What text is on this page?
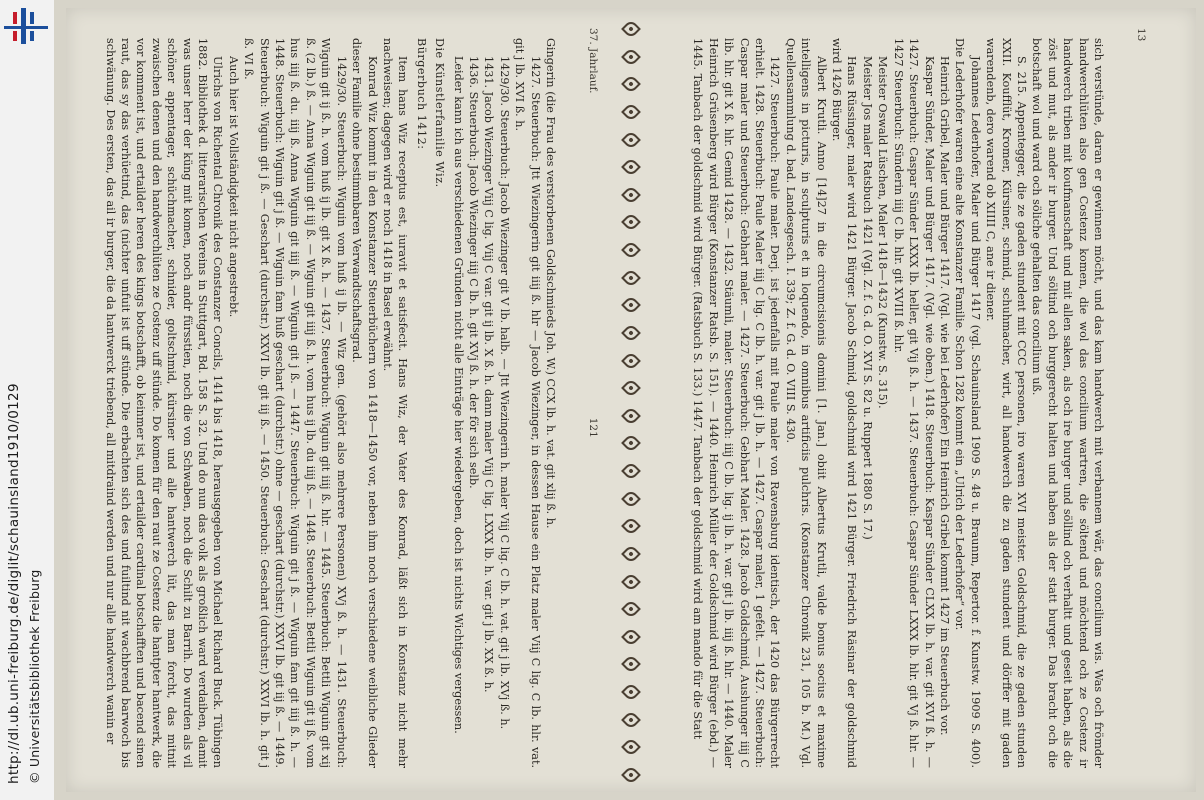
http://dl.ub.uni-freiburg.de/diglit/schauinsland1910/0129 © Universitätsbibliothek Freiburg
37. Jahrlauf.
121

Gingerin (die Frau des verstorbenen Goldschmieds Joh. W.) CCX lb. h. vat. git xlij ß. h.

1427. Steuerbuch: Jtt Wiezingerin git iiij ß. hlr — Jacob Wiezinger, in dessen Hause ein Platz maler Viij C lig. C lb. hlr. vat. git j lb. XVI ß. h.

1429/30. Steuerbuch: Jacob Wiezinger git V lb. halb. — Jtt Wiezingerin h. maler Viij C lig. C lb. h. vat. git j lb. XVj ß. h.

1431. Jacob Wiezinger Viij C lig. Viij C var. git ij lb. X ß. h. dann maler Viij C lig. LXXX lb. h. var. git j lb. XX ß. h.

1436. Steuerbuch: Jacob Wiezinger iiij C lb. h. git XVj ß. h. der för sich selb.

Leider kann ich aus verschiedenen Gründen nicht alle Einträge hier wiedergeben, doch ist nichts Wichtiges vergessen.

Die Künstlerfamilie Wiz.

Bürgerbuch 1412:

Item hans Wiz receptus est, iuravit et satisfecit. Hans Wiz, der Vater des Konrad, läßt sich in Konstanz nicht mehr nachweisen; dagegen wird er noch 1418 in Basel erwähnt.

Konrad Wiz kommt in den Konstanzer Steuerbüchern von 1418—1450 vor, neben ihm noch verschiedene weibliche Glieder dieser Familie ohne bestimmbaren Verwandtschaftsgrad.

1429/30. Steuerbuch: Wiguin vom huß ij lb. — Wiz gen. (gehört also mehrere Personen) XVj ß. h. — 1431. Steuerbuch: Wiguin git ij ß. h. vom huß ij lb. git X ß. h. — 1437. Steuerbuch: Wiguin git iiij ß. hlr. — 1445. Steuerbuch: Bettli Wiguin git xij ß. (2 lb.) ß. — Anna Wiguin git iij ß. — Wiguin git iiij ß. h. vom hus ij lb. du iiij ß. — 1448. Steuerbuch: Bettli Wiguin git ij ß. vom hus iiij ß. du. iiij ß. Anna Wiguin git iiij ß. — Wiguin git j ß. — 1447. Steuerbuch: Wiguin git j ß. — Wiguin fam git iiij ß. h. — 1448. Steuerbuch: Wiguin git j ß. — Wiguin fam huß geschart (durchstr.) ohne — geschart (durchstr.) XXVI lb. git iij ß. — 1449. Steuerbuch: Wiguin git j ß. — Geschart (durchstr.) XXVI lb. git iij ß. — 1450. Steuerbuch: Geschart (durchstr.) XXVI lb. h. git j ß. VI ß.

Auch hier ist Vollständigkeit nicht angestrebt.

Ulrichs von Richental Chronik des Constanzer Concils, 1414 bis 1418, herausgegeben von Michael Richard Buck. Tübingen 1882. Bibliothek d. litterarischen Vereins in Stuttgart, Bd. 158 S. 32. Und do nun das volk als großlich ward verdaiben, damit was unser herr der küng mit komen, noch andr fürsstien, noch die von Schwaben, noch die Schilt zu Barrih. Do wurden als vil schöner appentager, schüchmacher, schnider, goltschmid, kürsiner und alle hantwerch lüt, das man forcht, das mitnit zwaischen denen und den handwerchlüten ze Costenz uff stünde. Do komen für den raut ze Costenz die hantpter hantwerk, die vor komment ist, und ertailder heren des kings botschafft, ob keinmer ist, und ertailder cardinal botschafften und bacend sinen raut, das sy das verhüetind, das (nichter unfuit ist uff stünde. Die erbachten sich des und fuiltind nit wachbrend barwoch bis schwänung. Des ersten, das ail ir burger, die da hantwerck triebend, all mitdraind werden und nur alle handwerch wanin er

13

sich verstünde, daran er gewinnen möcht, und das kam handwerch mit verbannem wär, das concilium wis. Was och frömder handwerchlüten also gen Costenz komen, die wol das concilium wartren, die söltend und möchtend och ze Costenz ir handwerch triben mit koufmanschaft und mit allen saken, als och ire burger und söllind och verhaltt und geseit haben, als die zöst und mut, als ander ir burger. Und söltind och burggerecht halten und haben als der statt burger. Das bracht och die botschaft wol und ward och söliche gehalten das concilium uß.

S. 215. Appentegger, die ze gaden stundent mit CCC personen, iro waren XVI meister. Goldschmid, die ze gaden stunden XXII. Koufflüt, Kromer, Kürsiner, schmid, schuhmacher, wirt, all handwerch die zu gaden stundent und dörffer mit gaden warendenb, dero warend ob XIIII C, ane ir diener.

Johannes Lederhofer, Maler und Bürger 1417 (vgl. Schauinsland 1909 S. 48 u. Braunm, Repertor. f. Kunstw. 1909 S. 400). Die Lederhofer waren eine alte Konstanzer Familie. Schon 1282 kommt ein „Ulrich der Lederhofer“ vor.

Heinrich Gribel, Maler und Bürger 1417. (Vgl. wie bei Lederhofer) Ein Heinrich Gribel kommt 1427 im Steuerbuch vor.

Kaspar Sünder, Maler und Bürger 1417. (Vgl. wie oben.) 1418. Steuerbuch: Kaspar Sünder CLXX lb. h. var. git XVI ß. h. — 1427. Steuerbuch: Caspar Sünder LXXX lb. heller, git Vij ß. h. — 1437. Steuerbuch: Caspar Sünder LXXX lb. hlr. git Vj ß. hlr. — 1427 Steuerbuch: Sünderin iiij C lb. hlr. git XVIII ß. hlr.

Meister Oswald Lüschen, Maler 1418—1432 (Kunstw. S. 315).

Meister Jos maler Ratsbuch 1421 (Vgl. Z. f. G. d. O. XVI S. 82 u. Ruppert 1880 S. 17.)

Hans Rüssinger, maler wird 1421 Bürger. Jacob Schmid, goldschmid wird 1421 Bürger. Friedrich Räsinar der goldschmid wird 1426 Bürger.

Albert Krutli. Anno [14]27 in die circumcisionis domini [1. Jan.] obiit Albertus Krutli, valde bonus socius et maxime intelligens in picturis, in sculpturis et in loquendo, in omnibus artificiis pulchris. (Konstanzer Chronik 231, 105 b. M.) Vgl. Quellensammlung d. bad. Landesgesch. I. 339; Z. f. G. d. O. VIII S. 430.

1427. Steuerbuch: Paule maler. Derj. ist jedenfalls mit Paule maler von Ravensburg identisch, der 1420 das Bürgerrecht erhielt. 1428. Steuerbuch: Paule Maler iiij C lig. C lb. h. var. git j lb. h. — 1427. Caspar maler, 1 gefelt. — 1427. Steuerbuch: Caspar maler und Steuerbuch: Gebhart maler. — 1427. Steuerbuch: Gebhart Maler. 1428. Jacob Goldschmid, Aushunger iiij C lib. hlr. git X ß. hlr. Gemid 1428. — 1432. Stäumli, maler. Steuerbuch: iiij C lb. lig. ij lb. h. var. git j lb. iiij ß. hlr. — 1440. Maler Heinrich Grüsenberg wird Bürger (Konstanzer Ratsb. S. 151). — 1440. Heinrich Müller der Goldschmid wird Bürger (ebd.) — 1445. Tanbach der goldschmid wird Bürger. (Ratsbuch S. 133.) 1447. Tanbach der goldschmid wird am mando für die Statt
